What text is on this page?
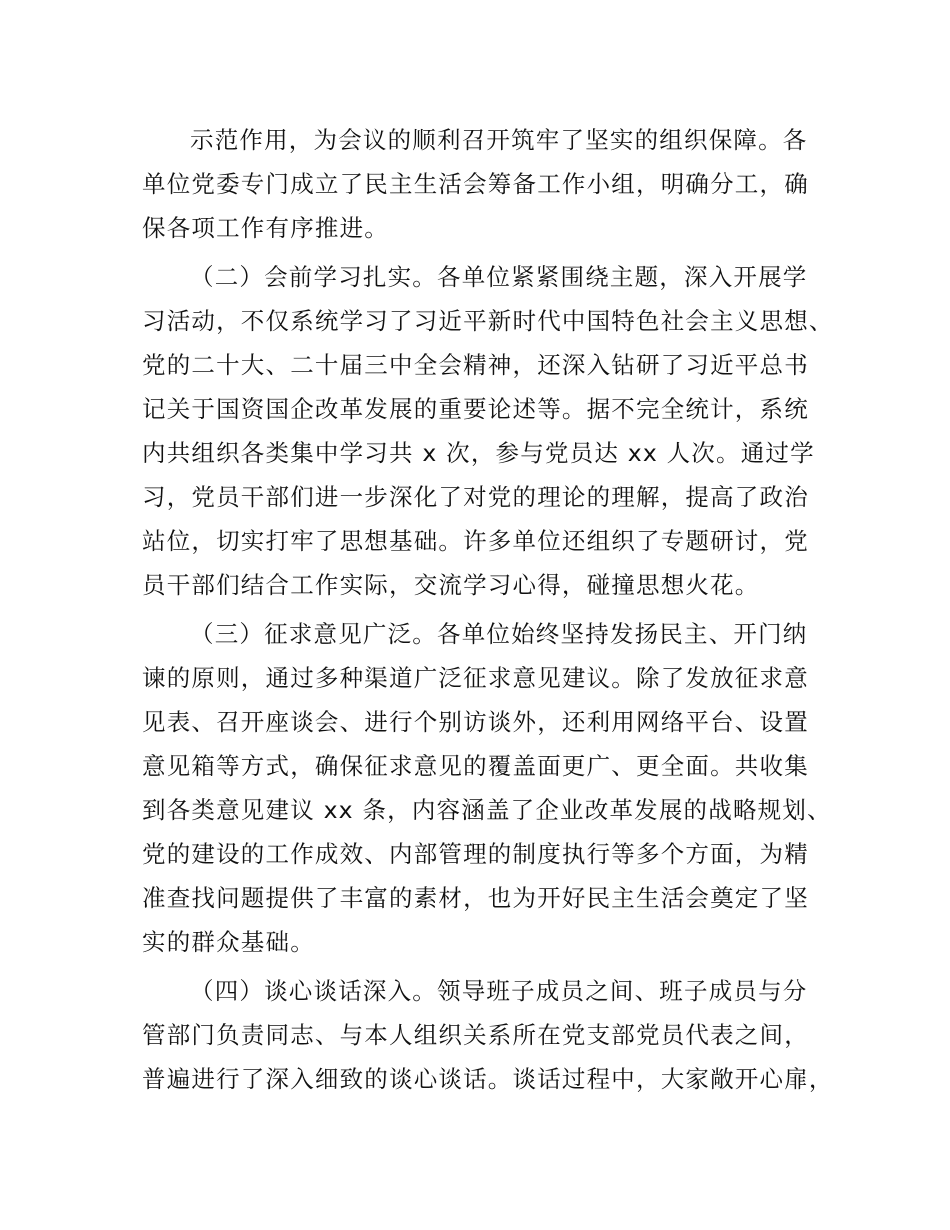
示范作用，为会议的顺利召开筑牢了坚实的组织保障。各
单位党委专门成立了民主生活会筹备工作小组，明确分工，确
保各项工作有序推进。
（二）会前学习扎实。各单位紧紧围绕主题，深入开展学
习活动，不仅系统学习了习近平新时代中国特色社会主义思想、
党的二十大、二十届三中全会精神，还深入钻研了习近平总书
记关于国资国企改革发展的重要论述等。据不完全统计，系统
内共组织各类集中学习共 x 次，参与党员达 xx 人次。通过学
习，党员干部们进一步深化了对党的理论的理解，提高了政治
站位，切实打牢了思想基础。许多单位还组织了专题研讨，党
员干部们结合工作实际，交流学习心得，碰撞思想火花。
（三）征求意见广泛。各单位始终坚持发扬民主、开门纳
谏的原则，通过多种渠道广泛征求意见建议。除了发放征求意
见表、召开座谈会、进行个别访谈外，还利用网络平台、设置
意见箱等方式，确保征求意见的覆盖面更广、更全面。共收集
到各类意见建议 xx 条，内容涵盖了企业改革发展的战略规划、
党的建设的工作成效、内部管理的制度执行等多个方面，为精
准查找问题提供了丰富的素材，也为开好民主生活会奠定了坚
实的群众基础。
（四）谈心谈话深入。领导班子成员之间、班子成员与分
管部门负责同志、与本人组织关系所在党支部党员代表之间，
普遍进行了深入细致的谈心谈话。谈话过程中，大家敞开心扉，
